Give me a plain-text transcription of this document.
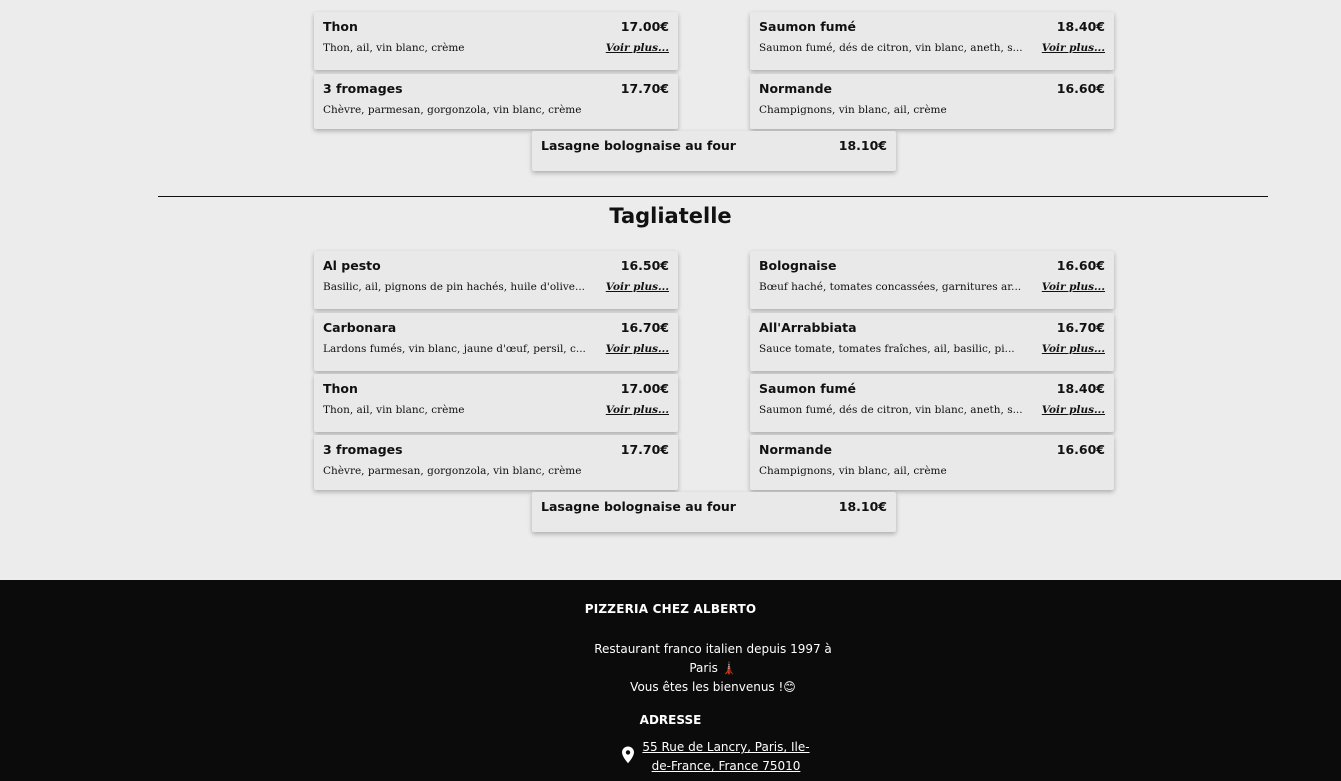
Thon	17.00€
Thon, ail, vin blanc, crème	Voir plus...
3 fromages	17.70€
Chèvre, parmesan, gorgonzola, vin blanc, crème
Saumon fumé	18.40€
Saumon fumé, dés de citron, vin blanc, aneth, s... Voir plus...
Normande	16.60€
Champignons, vin blanc, ail, crème
Lasagne bolognaise au four	18.10€
Tagliatelle
Al pesto	16.50€
Basilic, ail, pignons de pin hachés, huile d'olive... Voir plus...
Carbonara	16.70€
Lardons fumés, vin blanc, jaune d'œuf, persil, c... Voir plus...
Thon	17.00€
Thon, ail, vin blanc, crème	Voir plus...
3 fromages	17.70€
Chèvre, parmesan, gorgonzola, vin blanc, crème
Bolognaise	16.60€
Bœuf haché, tomates concassées, garnitures ar... Voir plus...
All'Arrabbiata	16.70€
Sauce tomate, tomates fraîches, ail, basilic, pi...	Voir plus...
Saumon fumé	18.40€
Saumon fumé, dés de citron, vin blanc, aneth, s... Voir plus...
Normande	16.60€
Champignons, vin blanc, ail, crème
Lasagne bolognaise au four	18.10€
PIZZERIA CHEZ ALBERTO
Restaurant franco italien depuis 1997 à
Paris 🗼
Vous êtes les bienvenus !😊
ADRESSE
55 Rue de Lancry, Paris, Ile-
de-France, France 75010
